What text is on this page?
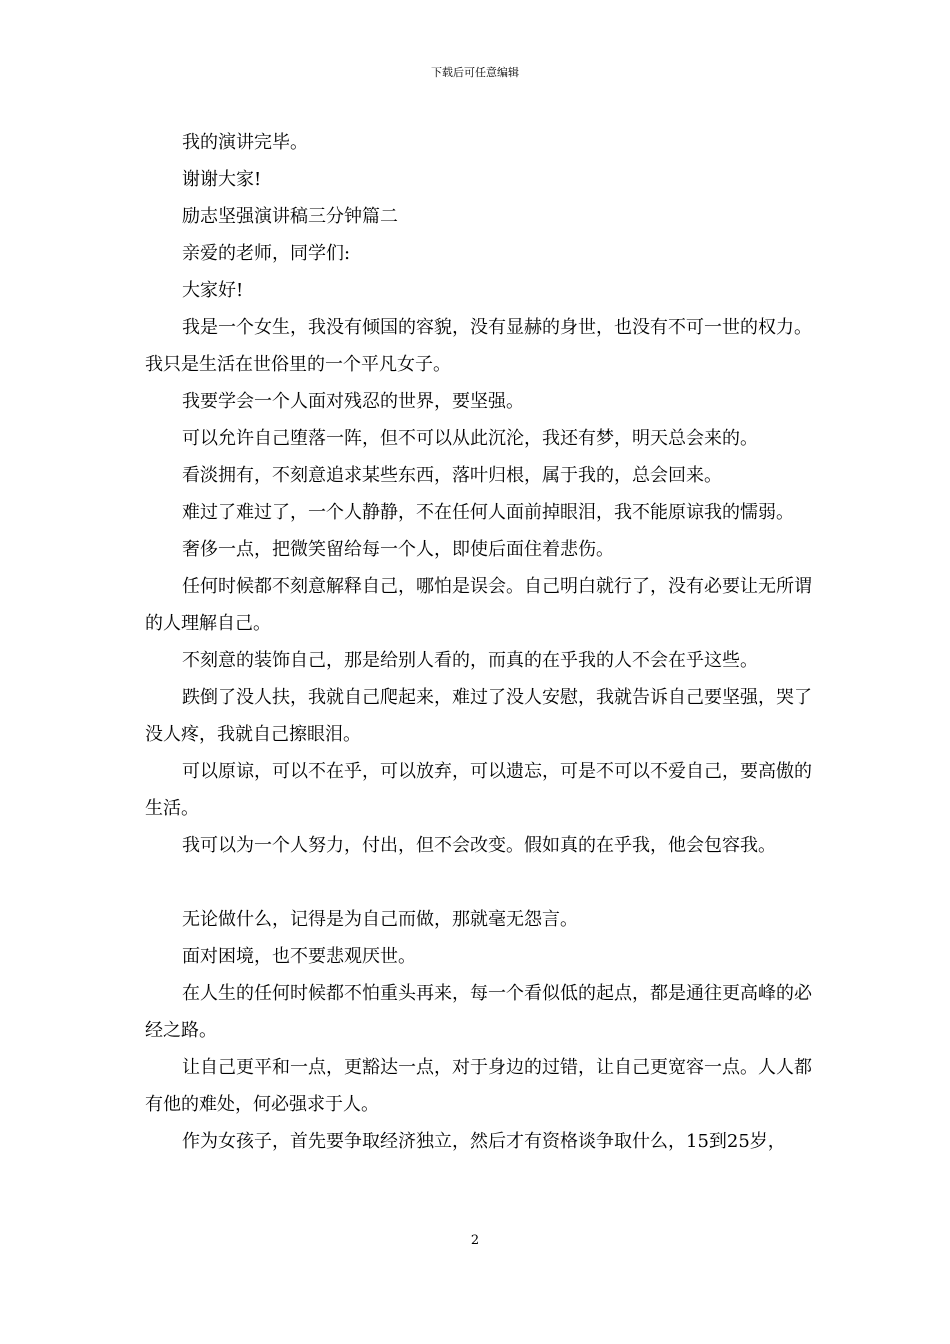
下载后可任意编辑

我的演讲完毕。

谢谢大家!

励志坚强演讲稿三分钟篇二

亲爱的老师，同学们:

大家好!

我是一个女生，我没有倾国的容貌，没有显赫的身世，也没有不可一世的权力。我只是生活在世俗里的一个平凡女子。

我要学会一个人面对残忍的世界，要坚强。

可以允许自己堕落一阵，但不可以从此沉沦，我还有梦，明天总会来的。

看淡拥有，不刻意追求某些东西，落叶归根，属于我的，总会回来。

难过了难过了，一个人静静，不在任何人面前掉眼泪，我不能原谅我的懦弱。

奢侈一点，把微笑留给每一个人，即使后面住着悲伤。

任何时候都不刻意解释自己，哪怕是误会。自己明白就行了，没有必要让无所谓的人理解自己。

不刻意的装饰自己，那是给别人看的，而真的在乎我的人不会在乎这些。

跌倒了没人扶，我就自己爬起来，难过了没人安慰，我就告诉自己要坚强，哭了没人疼，我就自己擦眼泪。

可以原谅，可以不在乎，可以放弃，可以遗忘，可是不可以不爱自己，要高傲的生活。

我可以为一个人努力，付出，但不会改变。假如真的在乎我，他会包容我。

无论做什么，记得是为自己而做，那就毫无怨言。

面对困境，也不要悲观厌世。

在人生的任何时候都不怕重头再来，每一个看似低的起点，都是通往更高峰的必经之路。

让自己更平和一点，更豁达一点，对于身边的过错，让自己更宽容一点。人人都有他的难处，何必强求于人。

作为女孩子，首先要争取经济独立，然后才有资格谈争取什么，15到25岁，

2
